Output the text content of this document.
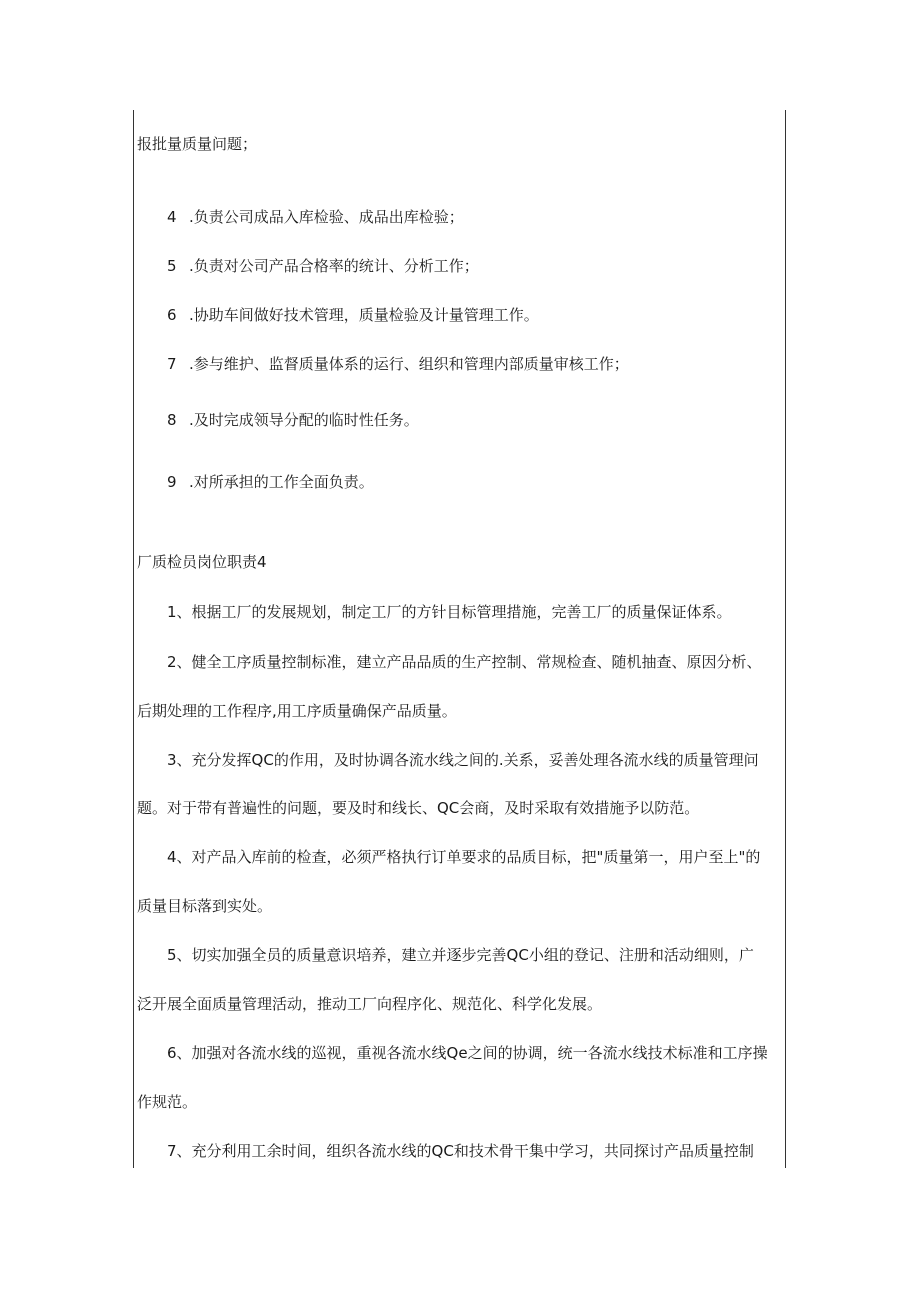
报批量质量问题；
4 .负责公司成品入库检验、成品出库检验；
5 .负责对公司产品合格率的统计、分析工作；
6 .协助车间做好技术管理，质量检验及计量管理工作。
7 .参与维护、监督质量体系的运行、组织和管理内部质量审核工作；
8 .及时完成领导分配的临时性任务。
9 .对所承担的工作全面负责。
厂质检员岗位职责4
1、根据工厂的发展规划，制定工厂的方针目标管理措施，完善工厂的质量保证体系。
2、健全工序质量控制标准，建立产品品质的生产控制、常规检查、随机抽查、原因分析、
后期处理的工作程序,用工序质量确保产品质量。
3、充分发挥QC的作用，及时协调各流水线之间的.关系，妥善处理各流水线的质量管理问
题。对于带有普遍性的问题，要及时和线长、QC会商，及时采取有效措施予以防范。
4、对产品入库前的检查，必须严格执行订单要求的品质目标，把"质量第一，用户至上"的
质量目标落到实处。
5、切实加强全员的质量意识培养，建立并逐步完善QC小组的登记、注册和活动细则，广
泛开展全面质量管理活动，推动工厂向程序化、规范化、科学化发展。
6、加强对各流水线的巡视，重视各流水线Qe之间的协调，统一各流水线技术标准和工序操
作规范。
7、充分利用工余时间，组织各流水线的QC和技术骨干集中学习，共同探讨产品质量控制
